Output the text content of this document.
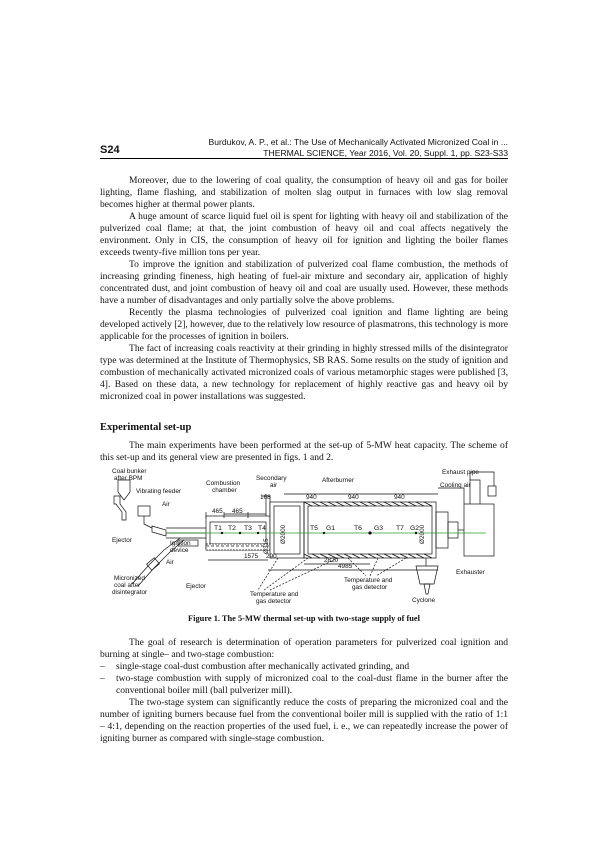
Burdukov, A. P., et al.: The Use of Mechanically Activated Micronized Coal in ...
THERMAL SCIENCE, Year 2016, Vol. 20, Suppl. 1, pp. S23-S33
S24

Moreover, due to the lowering of coal quality, the consumption of heavy oil and gas for boiler lighting, flame flashing, and stabilization of molten slag output in furnaces with low slag removal becomes higher at thermal power plants.

A huge amount of scarce liquid fuel oil is spent for lighting with heavy oil and stabilization of the pulverized coal flame; at that, the joint combustion of heavy oil and coal affects negatively the environment. Only in CIS, the consumption of heavy oil for ignition and lighting the boiler flames exceeds twenty-five million tons per year.

To improve the ignition and stabilization of pulverized coal flame combustion, the methods of increasing grinding fineness, high heating of fuel-air mixture and secondary air, application of highly concentrated dust, and joint combustion of heavy oil and coal are usually used. However, these methods have a number of disadvantages and only partially solve the above problems.

Recently the plasma technologies of pulverized coal ignition and flame lighting are being developed actively [2], however, due to the relatively low resource of plasmatrons, this technology is more applicable for the processes of ignition in boilers.

The fact of increasing coals reactivity at their grinding in highly stressed mills of the disintegrator type was determined at the Institute of Thermophysics, SB RAS. Some results on the study of ignition and combustion of mechanically activated micronized coals of various metamorphic stages were published [3, 4]. Based on these data, a new technology for replacement of highly reactive gas and heavy oil by micronized coal in power installations was suggested.

Experimental set-up

The main experiments have been performed at the set-up of 5-MW heat capacity. The scheme of this set-up and its general view are presented in figs. 1 and 2.

Coal bunker
after BPM
Vibrating feeder
Air
Ejector	Ignition
device
Air
Micronized
coal after
disintegrator
Ejector
Combustion
chamber
Secondary
air
Afterburner
Exhaust pipe
Cooling air
Exhauster
Cyclone
Temperature and
gas detector
Temperature and
gas detector
168	940	940	940
465 465
1575 290
2820
4985
Ø315
Ø2000	Ø2000
T1 T2 T3 T4	T5 G1	T6 G3 T7 G2
Figure 1. The 5-MW thermal set-up with two-stage supply of fuel

The goal of research is determination of operation parameters for pulverized coal ignition and burning at single– and two-stage combustion:

– single-stage coal-dust combustion after mechanically activated grinding, and
– two-stage combustion with supply of micronized coal to the coal-dust flame in the burner after the conventional boiler mill (ball pulverizer mill).

The two-stage system can significantly reduce the costs of preparing the micronized coal and the number of igniting burners because fuel from the conventional boiler mill is supplied with the ratio of 1:1 – 4:1, depending on the reaction properties of the used fuel, i. e., we can repeatedly increase the power of igniting burner as compared with single-stage combustion.
